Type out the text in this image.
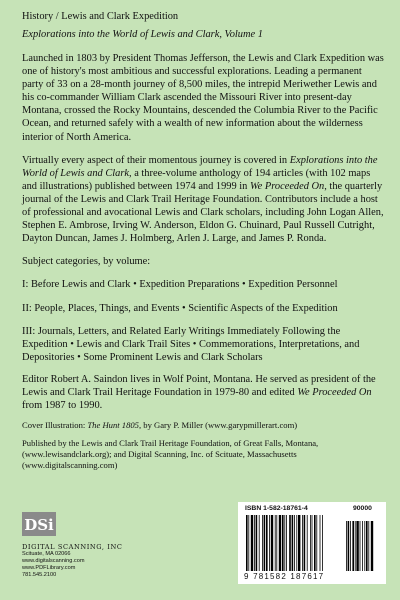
History / Lewis and Clark Expedition
Explorations into the World of Lewis and Clark, Volume 1

Launched in 1803 by President Thomas Jefferson, the Lewis and Clark Expedition was one of history's most ambitious and successful explorations. Leading a permanent party of 33 on a 28-month journey of 8,500 miles, the intrepid Meriwether Lewis and his co-commander William Clark ascended the Missouri River into present-day Montana, crossed the Rocky Mountains, descended the Columbia River to the Pacific Ocean, and returned safely with a wealth of new information about the wilderness interior of North America.

Virtually every aspect of their momentous journey is covered in Explorations into the World of Lewis and Clark, a three-volume anthology of 194 articles (with 102 maps and illustrations) published between 1974 and 1999 in We Proceeded On, the quarterly journal of the Lewis and Clark Trail Heritage Foundation. Contributors include a host of professional and avocational Lewis and Clark scholars, including John Logan Allen, Stephen E. Ambrose, Irving W. Anderson, Eldon G. Chuinard, Paul Russell Cutright, Dayton Duncan, James J. Holmberg, Arlen J. Large, and James P. Ronda.

Subject categories, by volume:

I: Before Lewis and Clark • Expedition Preparations • Expedition Personnel

II: People, Places, Things, and Events • Scientific Aspects of the Expedition

III: Journals, Letters, and Related Early Writings Immediately Following the Expedition • Lewis and Clark Trail Sites • Commemorations, Interpretations, and Depositories • Some Prominent Lewis and Clark Scholars

Editor Robert A. Saindon lives in Wolf Point, Montana. He served as president of the Lewis and Clark Trail Heritage Foundation in 1979-80 and edited We Proceeded On from 1987 to 1990.

Cover Illustration: The Hunt 1805, by Gary P. Miller (www.garypmillerart.com)

Published by the Lewis and Clark Trail Heritage Foundation, of Great Falls, Montana, (www.lewisandclark.org); and Digital Scanning, Inc. of Scituate, Massachusetts (www.digitalscanning.com)

DSi
DIGITAL SCANNING, INC
Scituate, MA 02066
www.digitalscanning.com
www.PDFLibrary.com
781.545.2100
ISBN 1-582-18761-4	90000
9 781582 187617
